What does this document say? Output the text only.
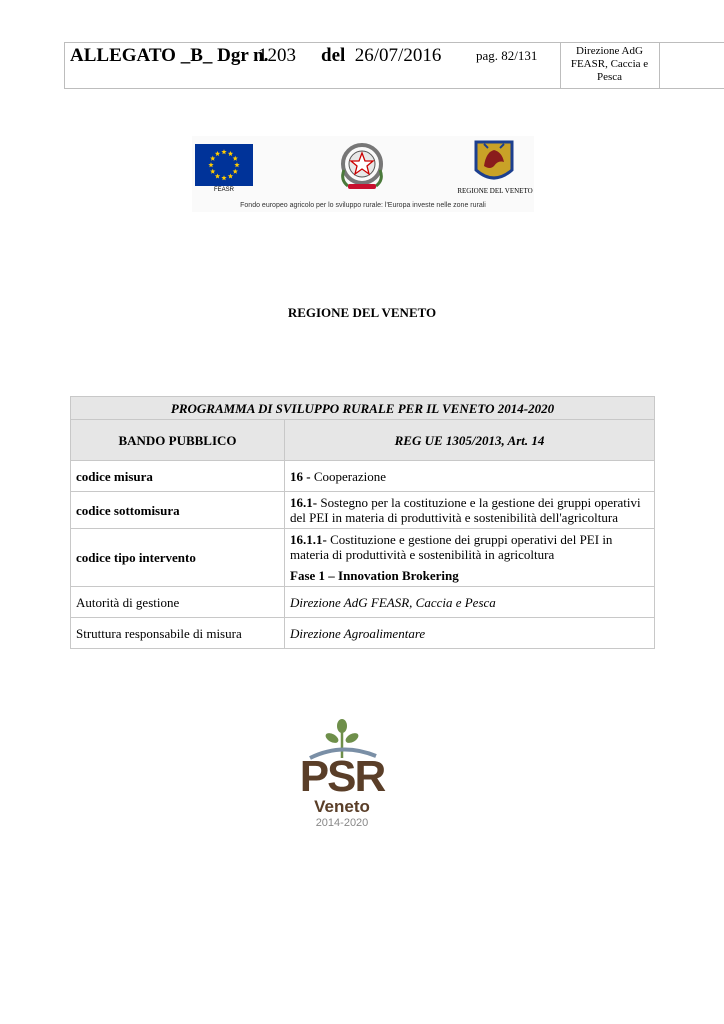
ALLEGATO _B_ Dgr n.
1203 del 26/07/2016	pag. 82/131	Direzione AdG FEASR, Caccia e Pesca
FEASR	REGIONE DEL VENETO
Fondo europeo agricolo per lo sviluppo rurale: l'Europa investe nelle zone rurali
REGIONE DEL VENETO
PROGRAMMA DI SVILUPPO RURALE PER IL VENETO 2014-2020	
BANDO PUBBLICO	REG UE 1305/2013, Art. 14
codice misura	16 - Cooperazione
codice sottomisura	16.1- Sostegno per la costituzione e la gestione dei gruppi operativi del PEI in materia di produttività e sostenibilità dell'agricoltura
codice tipo intervento	16.1.1- Costituzione e gestione dei gruppi operativi del PEI in materia di produttività e sostenibilità in agricoltura
Fase 1 – Innovation Brokering

Autorità di gestione	Direzione AdG FEASR, Caccia e Pesca
Struttura responsabile di misura	Direzione Agroalimentare
PSR
Veneto
2014-2020
